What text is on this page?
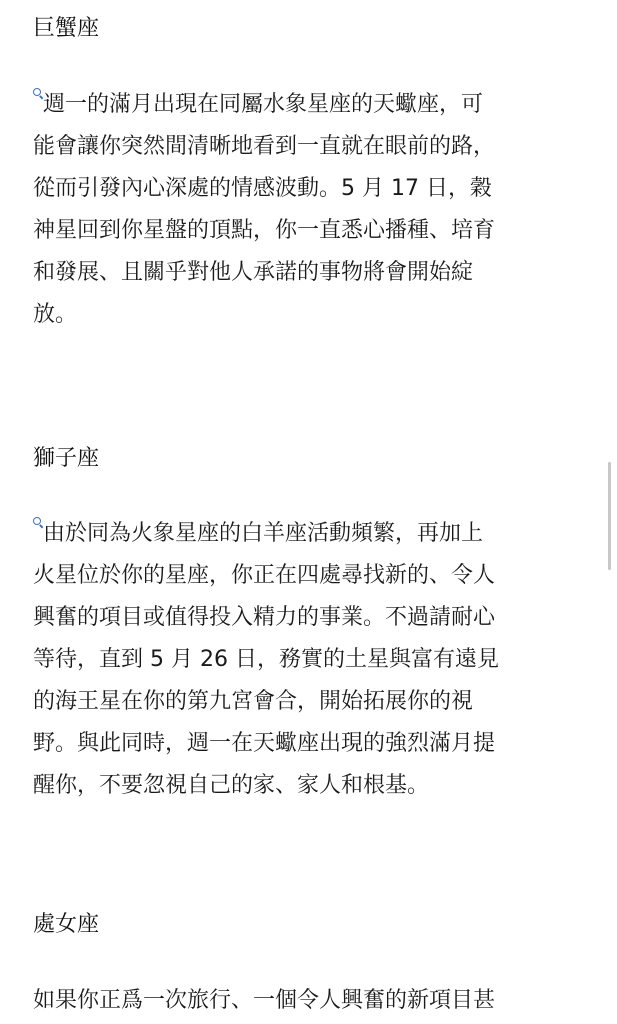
巨蟹座
週一的滿月出現在同屬水象星座的天蠍座，可
能會讓你突然間清晰地看到一直就在眼前的路，
從而引發內心深處的情感波動。5 月 17 日，穀
神星回到你星盤的頂點，你一直悉心播種、培育
和發展、且關乎對他人承諾的事物將會開始綻
放。
獅子座
由於同為火象星座的白羊座活動頻繁，再加上
火星位於你的星座，你正在四處尋找新的、令人
興奮的項目或值得投入精力的事業。不過請耐心
等待，直到 5 月 26 日，務實的土星與富有遠見
的海王星在你的第九宮會合，開始拓展你的視
野。與此同時，週一在天蠍座出現的強烈滿月提
醒你，不要忽視自己的家、家人和根基。
處女座
如果你正爲一次旅行、一個令人興奮的新項目甚
